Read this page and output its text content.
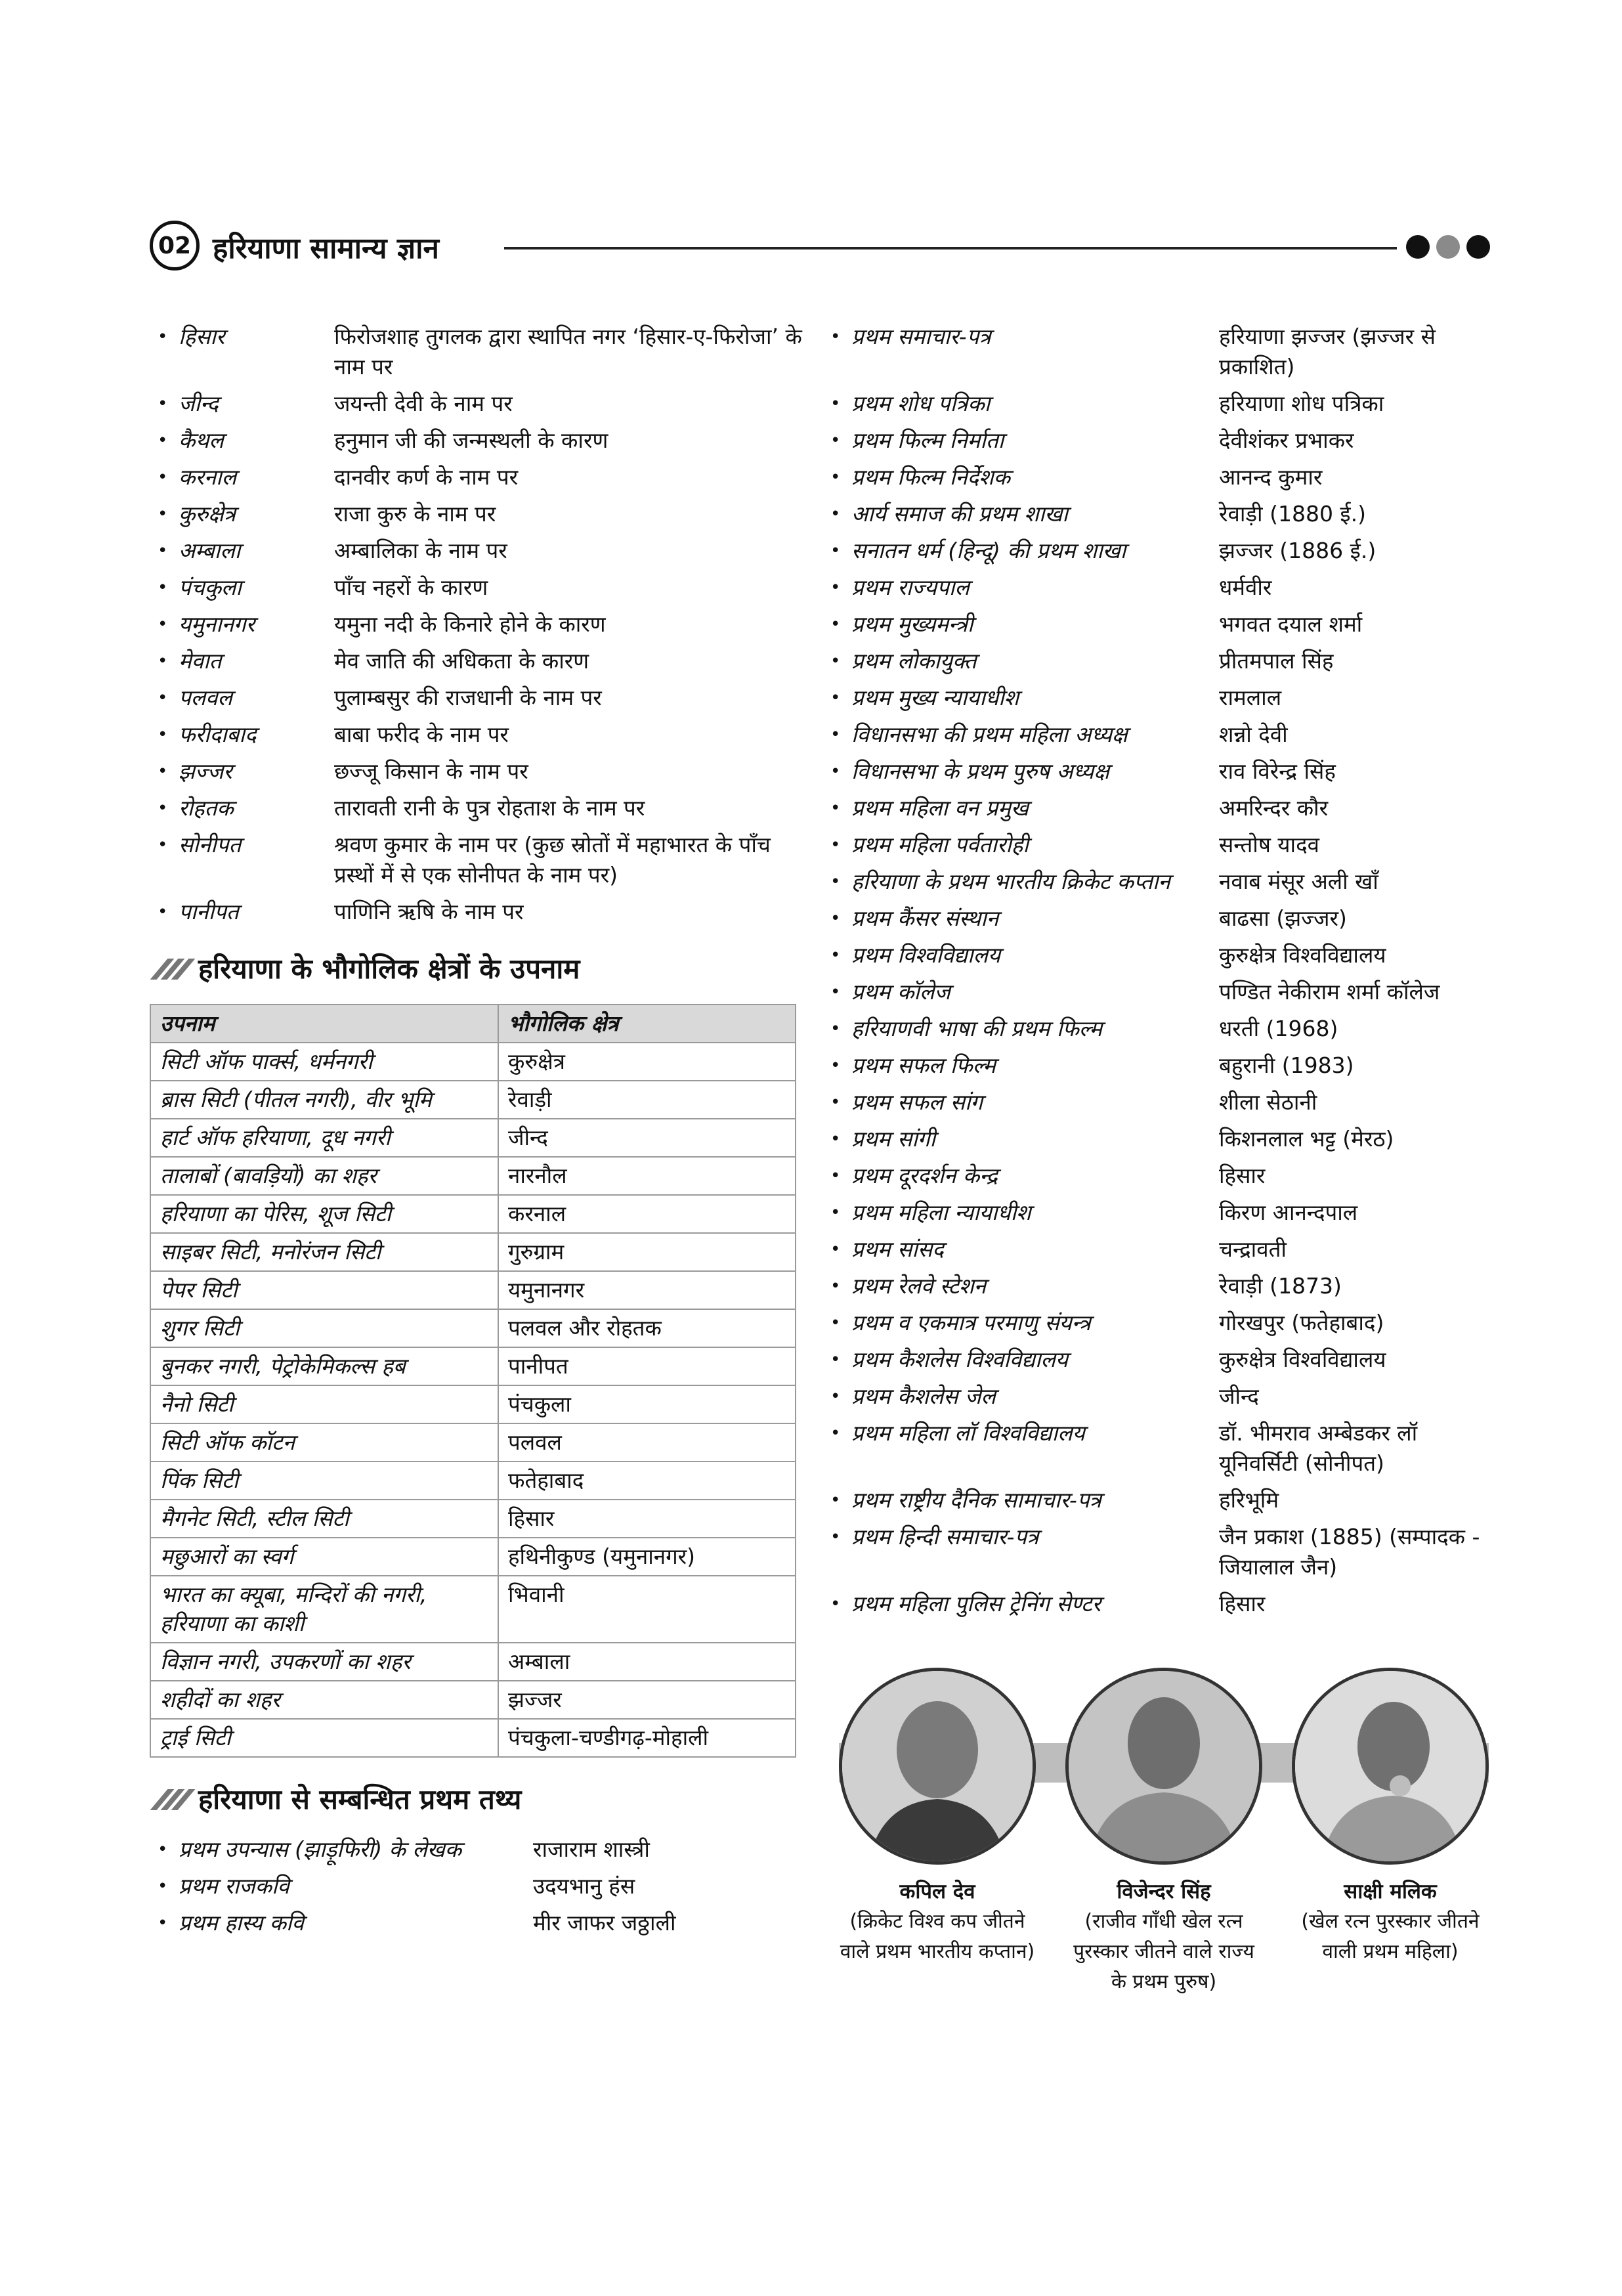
02 हरियाणा सामान्य ज्ञान
• हिसार	फिरोजशाह तुगलक द्वारा स्थापित नगर ‘हिसार-ए-फिरोजा’ के नाम पर
• जीन्द	जयन्ती देवी के नाम पर
• कैथल	हनुमान जी की जन्मस्थली के कारण
• करनाल	दानवीर कर्ण के नाम पर
• कुरुक्षेत्र	राजा कुरु के नाम पर
• अम्बाला	अम्बालिका के नाम पर
• पंचकुला	पाँच नहरों के कारण
• यमुनानगर	यमुना नदी के किनारे होने के कारण
• मेवात	मेव जाति की अधिकता के कारण
• पलवल	पुलाम्बसुर की राजधानी के नाम पर
• फरीदाबाद	बाबा फरीद के नाम पर
• झज्जर	छज्जू किसान के नाम पर
• रोहतक	तारावती रानी के पुत्र रोहताश के नाम पर
• सोनीपत	श्रवण कुमार के नाम पर (कुछ स्रोतों में महाभारत के पाँच प्रस्थों में से एक सोनीपत के नाम पर)
• पानीपत	पाणिनि ऋषि के नाम पर
हरियाणा के भौगोलिक क्षेत्रों के उपनाम
उपनाम	भौगोलिक क्षेत्र
सिटी ऑफ पार्क्स, धर्मनगरी	कुरुक्षेत्र
ब्रास सिटी (पीतल नगरी), वीर भूमि	रेवाड़ी
हार्ट ऑफ हरियाणा, दूध नगरी	जीन्द
तालाबों (बावड़ियों) का शहर	नारनौल
हरियाणा का पेरिस, शूज सिटी	करनाल
साइबर सिटी, मनोरंजन सिटी	गुरुग्राम
पेपर सिटी	यमुनानगर
शुगर सिटी	पलवल और रोहतक
बुनकर नगरी, पेट्रोकेमिकल्स हब	पानीपत
नैनो सिटी	पंचकुला
सिटी ऑफ कॉटन	पलवल
पिंक सिटी	फतेहाबाद
मैगनेट सिटी, स्टील सिटी	हिसार
मछुआरों का स्वर्ग	हथिनीकुण्ड (यमुनानगर)
भारत का क्यूबा, मन्दिरों की नगरी, हरियाणा का काशी	भिवानी
विज्ञान नगरी, उपकरणों का शहर	अम्बाला
शहीदों का शहर	झज्जर
ट्राई सिटी	पंचकुला-चण्डीगढ़-मोहाली
हरियाणा से सम्बन्धित प्रथम तथ्य
• प्रथम उपन्यास (झाड़ूफिरी) के लेखक	राजाराम शास्त्री
• प्रथम राजकवि	उदयभानु हंस
• प्रथम हास्य कवि	मीर जाफर जठ्ठाली
• प्रथम समाचार-पत्र	हरियाणा झज्जर (झज्जर से प्रकाशित)
• प्रथम शोध पत्रिका	हरियाणा शोध पत्रिका
• प्रथम फिल्म निर्माता	देवीशंकर प्रभाकर
• प्रथम फिल्म निर्देशक	आनन्द कुमार
• आर्य समाज की प्रथम शाखा	रेवाड़ी (1880 ई.)
• सनातन धर्म (हिन्दू) की प्रथम शाखा	झज्जर (1886 ई.)
• प्रथम राज्यपाल	धर्मवीर
• प्रथम मुख्यमन्त्री	भगवत दयाल शर्मा
• प्रथम लोकायुक्त	प्रीतमपाल सिंह
• प्रथम मुख्य न्यायाधीश	रामलाल
• विधानसभा की प्रथम महिला अध्यक्ष	शन्नो देवी
• विधानसभा के प्रथम पुरुष अध्यक्ष	राव विरेन्द्र सिंह
• प्रथम महिला वन प्रमुख	अमरिन्दर कौर
• प्रथम महिला पर्वतारोही	सन्तोष यादव
• हरियाणा के प्रथम भारतीय क्रिकेट कप्तान	नवाब मंसूर अली खाँ
• प्रथम कैंसर संस्थान	बाढसा (झज्जर)
• प्रथम विश्वविद्यालय	कुरुक्षेत्र विश्वविद्यालय
• प्रथम कॉलेज	पण्डित नेकीराम शर्मा कॉलेज
• हरियाणवी भाषा की प्रथम फिल्म	धरती (1968)
• प्रथम सफल फिल्म	बहुरानी (1983)
• प्रथम सफल सांग	शीला सेठानी
• प्रथम सांगी	किशनलाल भट्ट (मेरठ)
• प्रथम दूरदर्शन केन्द्र	हिसार
• प्रथम महिला न्यायाधीश	किरण आनन्दपाल
• प्रथम सांसद	चन्द्रावती
• प्रथम रेलवे स्टेशन	रेवाड़ी (1873)
• प्रथम व एकमात्र परमाणु संयन्त्र	गोरखपुर (फतेहाबाद)
• प्रथम कैशलेस विश्वविद्यालय	कुरुक्षेत्र विश्वविद्यालय
• प्रथम कैशलेस जेल	जीन्द
• प्रथम महिला लॉ विश्वविद्यालय	डॉ. भीमराव अम्बेडकर लॉ यूनिवर्सिटी (सोनीपत)
• प्रथम राष्ट्रीय दैनिक सामाचार-पत्र	हरिभूमि
• प्रथम हिन्दी समाचार-पत्र	जैन प्रकाश (1885) (सम्पादक - जियालाल जैन)
• प्रथम महिला पुलिस ट्रेनिंग सेण्टर	हिसार
कपिल देव
(क्रिकेट विश्व कप जीतने वाले प्रथम भारतीय कप्तान)
विजेन्दर सिंह
(राजीव गाँधी खेल रत्न पुरस्कार जीतने वाले राज्य के प्रथम पुरुष)
साक्षी मलिक
(खेल रत्न पुरस्कार जीतने वाली प्रथम महिला)
